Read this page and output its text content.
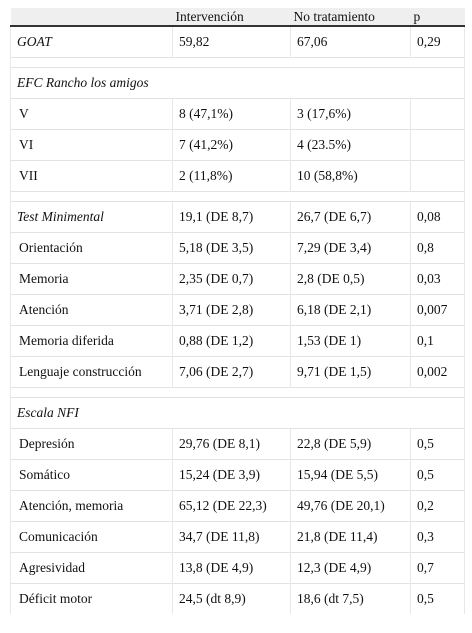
	Intervención	No tratamiento	p
GOAT	59,82	67,06	0,29

EFC Rancho los amigos			
V	8 (47,1%)	3 (17,6%)	
VI	7 (41,2%)	4 (23.5%)	
VII	2 (11,8%)	10 (58,8%)	

Test Minimental	19,1 (DE 8,7)	26,7 (DE 6,7)	0,08
Orientación	5,18 (DE 3,5)	7,29 (DE 3,4)	0,8
Memoria	2,35 (DE 0,7)	2,8 (DE 0,5)	0,03
Atención	3,71 (DE 2,8)	6,18 (DE 2,1)	0,007
Memoria diferida	0,88 (DE 1,2)	1,53 (DE 1)	0,1
Lenguaje construcción	7,06 (DE 2,7)	9,71 (DE 1,5)	0,002

Escala NFI			
Depresión	29,76 (DE 8,1)	22,8 (DE 5,9)	0,5
Somático	15,24 (DE 3,9)	15,94 (DE 5,5)	0,5
Atención, memoria	65,12 (DE 22,3)	49,76 (DE 20,1)	0,2
Comunicación	34,7 (DE 11,8)	21,8 (DE 11,4)	0,3
Agresividad	13,8 (DE 4,9)	12,3 (DE 4,9)	0,7
Déficit motor	24,5 (dt 8,9)	18,6 (dt 7,5)	0,5
